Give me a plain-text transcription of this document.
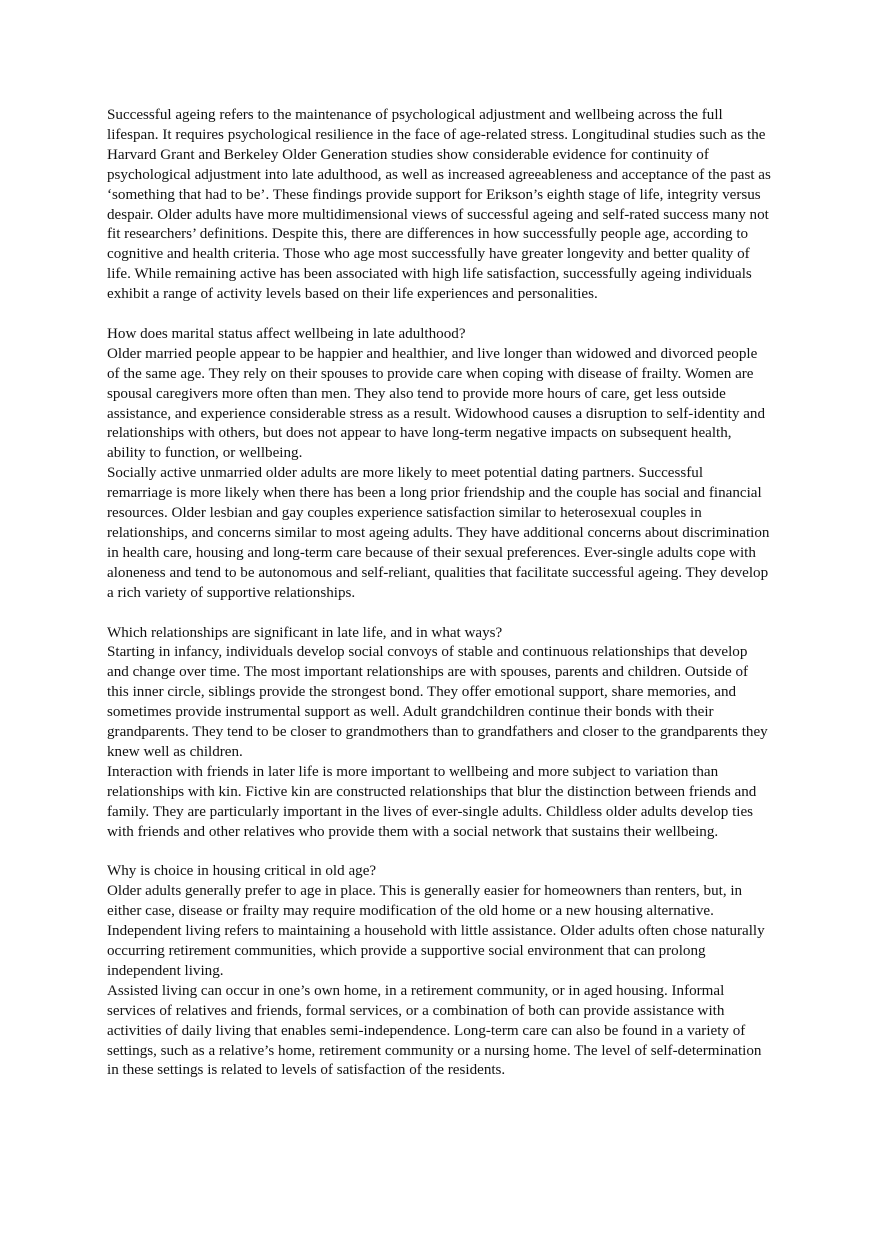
Successful ageing refers to the maintenance of psychological adjustment and wellbeing across the full lifespan. It requires psychological resilience in the face of age-related stress. Longitudinal studies such as the Harvard Grant and Berkeley Older Generation studies show considerable evidence for continuity of psychological adjustment into late adulthood, as well as increased agreeableness and acceptance of the past as ‘something that had to be’. These findings provide support for Erikson’s eighth stage of life, integrity versus despair. Older adults have more multidimensional views of successful ageing and self-rated success many not fit researchers’ definitions. Despite this, there are differences in how successfully people age, according to cognitive and health criteria. Those who age most successfully have greater longevity and better quality of life. While remaining active has been associated with high life satisfaction, successfully ageing individuals exhibit a range of activity levels based on their life experiences and personalities.

How does marital status affect wellbeing in late adulthood?

Older married people appear to be happier and healthier, and live longer than widowed and divorced people of the same age. They rely on their spouses to provide care when coping with disease of frailty. Women are spousal caregivers more often than men. They also tend to provide more hours of care, get less outside assistance, and experience considerable stress as a result. Widowhood causes a disruption to self-identity and relationships with others, but does not appear to have long-term negative impacts on subsequent health, ability to function, or wellbeing.

Socially active unmarried older adults are more likely to meet potential dating partners. Successful remarriage is more likely when there has been a long prior friendship and the couple has social and financial resources. Older lesbian and gay couples experience satisfaction similar to heterosexual couples in relationships, and concerns similar to most ageing adults. They have additional concerns about discrimination in health care, housing and long-term care because of their sexual preferences. Ever-single adults cope with aloneness and tend to be autonomous and self-reliant, qualities that facilitate successful ageing. They develop a rich variety of supportive relationships.

Which relationships are significant in late life, and in what ways?

Starting in infancy, individuals develop social convoys of stable and continuous relationships that develop and change over time. The most important relationships are with spouses, parents and children. Outside of this inner circle, siblings provide the strongest bond. They offer emotional support, share memories, and sometimes provide instrumental support as well. Adult grandchildren continue their bonds with their grandparents. They tend to be closer to grandmothers than to grandfathers and closer to the grandparents they knew well as children.

Interaction with friends in later life is more important to wellbeing and more subject to variation than relationships with kin. Fictive kin are constructed relationships that blur the distinction between friends and family. They are particularly important in the lives of ever-single adults. Childless older adults develop ties with friends and other relatives who provide them with a social network that sustains their wellbeing.

Why is choice in housing critical in old age?

Older adults generally prefer to age in place. This is generally easier for homeowners than renters, but, in either case, disease or frailty may require modification of the old home or a new housing alternative. Independent living refers to maintaining a household with little assistance. Older adults often chose naturally occurring retirement communities, which provide a supportive social environment that can prolong independent living.

Assisted living can occur in one’s own home, in a retirement community, or in aged housing. Informal services of relatives and friends, formal services, or a combination of both can provide assistance with activities of daily living that enables semi-independence. Long-term care can also be found in a variety of settings, such as a relative’s home, retirement community or a nursing home. The level of self-determination in these settings is related to levels of satisfaction of the residents.
